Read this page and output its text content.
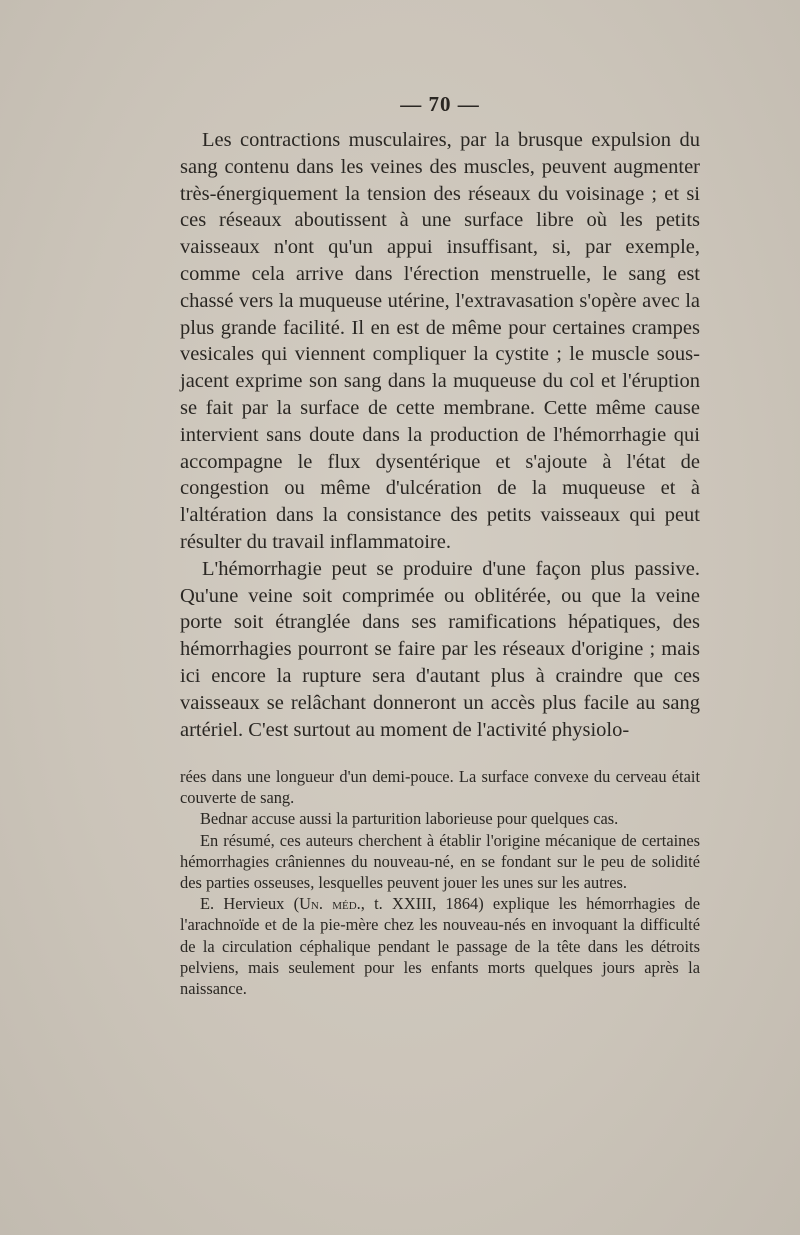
— 70 —

Les contractions musculaires, par la brusque expulsion du sang contenu dans les veines des muscles, peuvent augmenter très-énergiquement la tension des réseaux du voisinage ; et si ces réseaux aboutissent à une surface libre où les petits vaisseaux n'ont qu'un appui insuffisant, si, par exemple, comme cela arrive dans l'érection menstruelle, le sang est chassé vers la muqueuse utérine, l'extravasation s'opère avec la plus grande facilité. Il en est de même pour certaines crampes vesicales qui viennent compliquer la cystite ; le muscle sous-jacent exprime son sang dans la muqueuse du col et l'éruption se fait par la surface de cette membrane. Cette même cause intervient sans doute dans la production de l'hémorrhagie qui accompagne le flux dysentérique et s'ajoute à l'état de congestion ou même d'ulcération de la muqueuse et à l'altération dans la consistance des petits vaisseaux qui peut résulter du travail inflammatoire.

L'hémorrhagie peut se produire d'une façon plus passive. Qu'une veine soit comprimée ou oblitérée, ou que la veine porte soit étranglée dans ses ramifications hépatiques, des hémorrhagies pourront se faire par les réseaux d'origine ; mais ici encore la rupture sera d'autant plus à craindre que ces vaisseaux se relâchant donneront un accès plus facile au sang artériel. C'est surtout au moment de l'activité physiolo-

rées dans une longueur d'un demi-pouce. La surface convexe du cerveau était couverte de sang.

Bednar accuse aussi la parturition laborieuse pour quelques cas.

En résumé, ces auteurs cherchent à établir l'origine mécanique de certaines hémorrhagies crâniennes du nouveau-né, en se fondant sur le peu de solidité des parties osseuses, lesquelles peuvent jouer les unes sur les autres.

E. Hervieux (Un. méd., t. XXIII, 1864) explique les hémorrhagies de l'arachnoïde et de la pie-mère chez les nouveau-nés en invoquant la difficulté de la circulation céphalique pendant le passage de la tête dans les détroits pelviens, mais seulement pour les enfants morts quelques jours après la naissance.
